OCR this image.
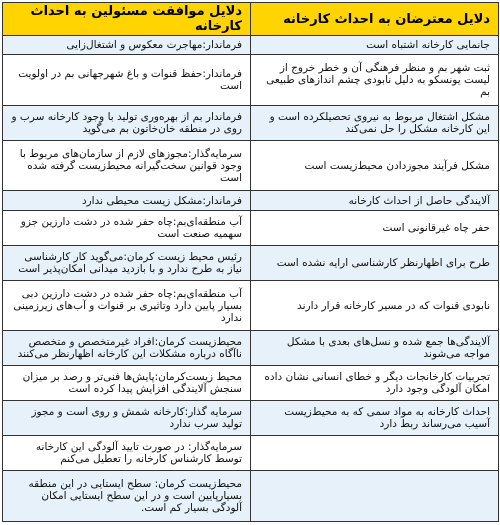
دلایل معترضان به احداث کارخانه	دلایل موافقت مسئولین به احداث کارخانه
جانمایی کارخانه اشتباه است	فرماندار:مهاجرت معکوس و اشتغال‌زایی
ثبت شهر بم و منظر فرهنگی آن و خطر خروج از لیست یونسکو به دلیل نابودی چشم اندازهای طبیعی بم	فرماندار:حفظ قنوات و باغ شهرجهانی بم در اولویت است
مشکل اشتغال مربوط به نیروی تحصیلکرده است و این کارخانه مشکل را حل نمی‌کند	فرماندار بم از بهره‌وری تولید با وجود کارخانه سرب و روی در منطقه خان‌خاتون بم می‌گوید
مشکل فرآیند مجوزدادن محیط‌زیست است	سرمایه‌گذار:مجوزهای لازم از سازمان‌های مربوط با وجود قوانین سخت‌گیرانه محیط‌زیست گرفته شده است
آلایندگی حاصل از احداث کارخانه	فرماندار:مشکل زیست محیطی ندارد
حفر چاه غیرقانونی است	آب منطقه‌ای‌بم:چاه حفر شده در دشت دارزین جزو سهمیه صنعت است
طرح برای اظهارنظر کارشناسی ارایه نشده است	رئیس محیط زیست کرمان:می‌گوید کار کارشناسی نیاز به طرح ندارد و با بازدید میدانی امکان‌پذیر است
نابودی قنوات که در مسیر کارخانه قرار دارند	آب منطقه‌ای‌بم:چاه حفر شده در دشت دارزین دبی بسیار پایین دارد وتاثیری بر قنوات و آب‌های زیرزمینی ندارد
آلایندگی‌ها جمع شده و نسل‌های بعدی با مشکل مواجه می‌شوند	محیط‌زیست کرمان:افراد غیرمتخصص و متخصص ناآگاه درباره مشکلات این کارخانه اظهارنظر می‌کنند
تجربیات کارخانجات دیگر و خطای انسانی نشان داده امکان آلودگی وجود دارد	محیط زیست‌کرمان:پایش‌ها فنی‌تر و رصد بر میزان سنجش آلایندگی افزایش پیدا کرده است
احداث کارخانه به مواد سمی که به محیط‌زیست آسیب می‌رساند ربط دارد	سرمایه گذار:کارخانه شمش و روی است و مجوز تولید سرب ندارد
	سرمایه‌گذار: در صورت تایید آلودگی این کارخانه توسط کارشناس کارخانه را تعطیل می‌کنم
	محیط‌زیست کرمان: سطح ایستایی در این منطقه بسیارپایین است و در این سطح ایستایی امکان آلودگی بسیار کم است.
